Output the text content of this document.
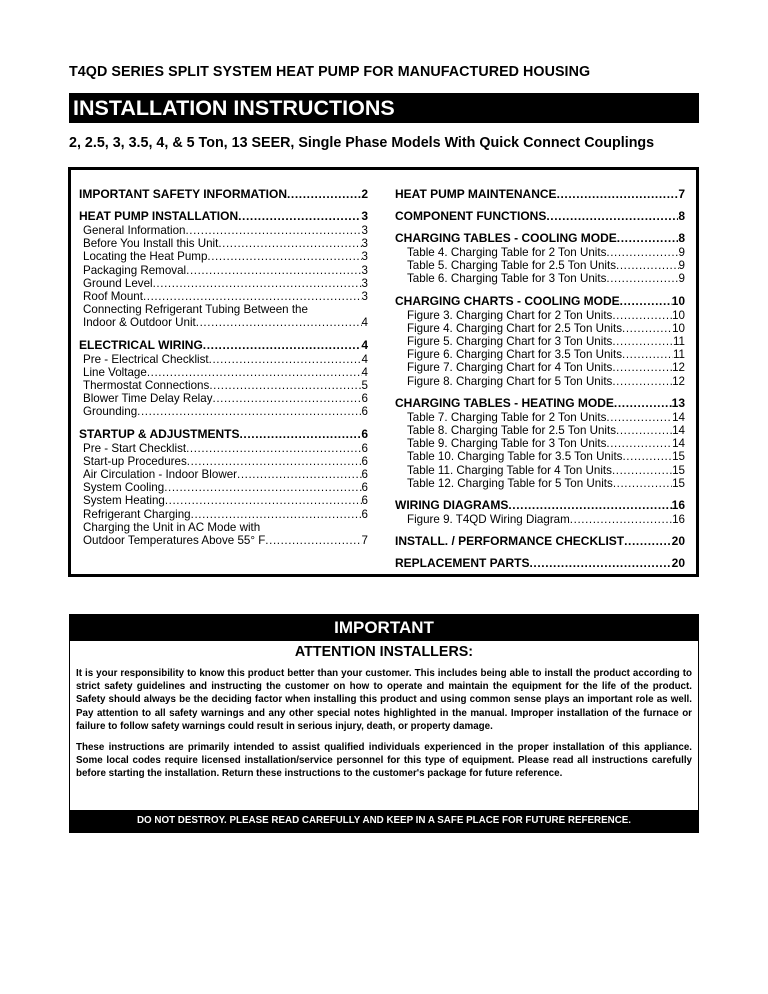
T4QD SERIES SPLIT SYSTEM HEAT PUMP FOR MANUFACTURED HOUSING
INSTALLATION INSTRUCTIONS
2, 2.5, 3, 3.5, 4, & 5 Ton, 13 SEER, Single Phase Models With Quick Connect Couplings
IMPORTANT SAFETY INFORMATION .....	2
HEAT PUMP INSTALLATION .....	3
General Information .....	3
Before You Install this Unit .....	3
Locating the Heat Pump .....	3
Packaging Removal .....	3
Ground Level .....	3
Roof Mount .....	3
Connecting Refrigerant Tubing Between the
Indoor & Outdoor Unit .....	4
ELECTRICAL WIRING .....	4
Pre - Electrical Checklist .....	4
Line Voltage .....	4
Thermostat Connections .....	5
Blower Time Delay Relay .....	6
Grounding .....	6
STARTUP & ADJUSTMENTS .....	6
Pre - Start Checklist .....	6
Start-up Procedures .....	6
Air Circulation - Indoor Blower .....	6
System Cooling .....	6
System Heating .....	6
Refrigerant Charging .....	6
Charging the Unit in AC Mode with
Outdoor Temperatures Above 55° F .....	7
HEAT PUMP MAINTENANCE .....	7
COMPONENT FUNCTIONS .....	8
CHARGING TABLES - COOLING MODE .....	8
Table 4. Charging Table for 2 Ton Units .....	9
Table 5. Charging Table for 2.5 Ton Units .....	9
Table 6. Charging Table for 3 Ton Units .....	9
CHARGING CHARTS - COOLING MODE .....	10
Figure 3. Charging Chart for 2 Ton Units .....	10
Figure 4. Charging Chart for 2.5 Ton Units .....	10
Figure 5. Charging Chart for 3 Ton Units .....	11
Figure 6. Charging Chart for 3.5 Ton Units .....	11
Figure 7. Charging Chart for 4 Ton Units .....	12
Figure 8. Charging Chart for 5 Ton Units .....	12
CHARGING TABLES - HEATING MODE .....	13
Table 7. Charging Table for 2 Ton Units .....	14
Table 8. Charging Table for 2.5 Ton Units .....	14
Table 9. Charging Table for 3 Ton Units .....	14
Table 10. Charging Table for 3.5 Ton Units .....	15
Table 11. Charging Table for 4 Ton Units .....	15
Table 12. Charging Table for 5 Ton Units .....	15
WIRING DIAGRAMS .....	16
Figure 9. T4QD Wiring Diagram .....	16
INSTALL. / PERFORMANCE CHECKLIST .....	20
REPLACEMENT PARTS .....	20
IMPORTANT
ATTENTION INSTALLERS:
It is your responsibility to know this product better than your customer. This includes being able to install the product according to strict safety guidelines and instructing the customer on how to operate and maintain the equipment for the life of the product. Safety should always be the deciding factor when installing this product and using common sense plays an important role as well. Pay attention to all safety warnings and any other special notes highlighted in the manual. Improper installation of the furnace or failure to follow safety warnings could result in serious injury, death, or property damage.
These instructions are primarily intended to assist qualified individuals experienced in the proper installation of this appliance. Some local codes require licensed installation/service personnel for this type of equipment. Please read all instructions carefully before starting the installation. Return these instructions to the customer's package for future reference.
DO NOT DESTROY. PLEASE READ CAREFULLY AND KEEP IN A SAFE PLACE FOR FUTURE REFERENCE.
